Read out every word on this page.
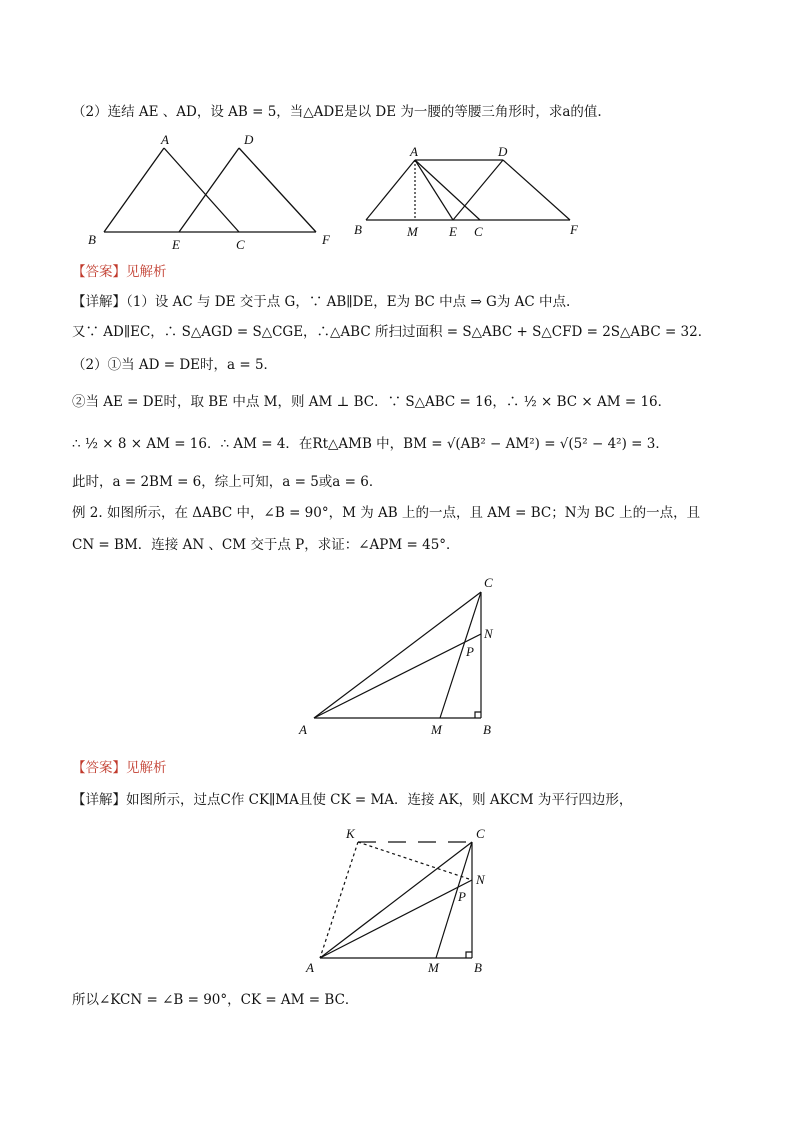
（2）连结 AE 、AD，设 AB = 5，当△ADE是以 DE 为一腰的等腰三角形时，求a的值.
A	D
B	E	C	F
A	D
B	M E C	F
【答案】见解析
【详解】（1）设 AC 与 DE 交于点 G，∵ AB∥DE，E为 BC 中点 ⇒ G为 AC 中点.
又∵ AD∥EC，∴ S△AGD = S△CGE，∴△ABC 所扫过面积 = S△ABC + S△CFD = 2S△ABC = 32．
（2）①当 AD = DE时，a = 5．
②当 AE = DE时，取 BE 中点 M，则 AM ⊥ BC．∵ S△ABC = 16，∴ ½ × BC × AM = 16．
∴ ½ × 8 × AM = 16．∴ AM = 4．在Rt△AMB 中，BM = √(AB² − AM²) = √(5² − 4²) = 3．
此时，a = 2BM = 6，综上可知，a = 5或a = 6．
例 2. 如图所示，在 ΔABC 中，∠B = 90°，M 为 AB 上的一点，且 AM = BC；N为 BC 上的一点，且
CN = BM．连接 AN 、CM 交于点 P，求证：∠APM = 45°．
C
N
P
A	M	B
【答案】见解析
【详解】如图所示，过点C作 CK∥MA且使 CK = MA．连接 AK，则 AKCM 为平行四边形，
K	C
N
P
A	M	B
所以∠KCN = ∠B = 90°，CK = AM = BC．
